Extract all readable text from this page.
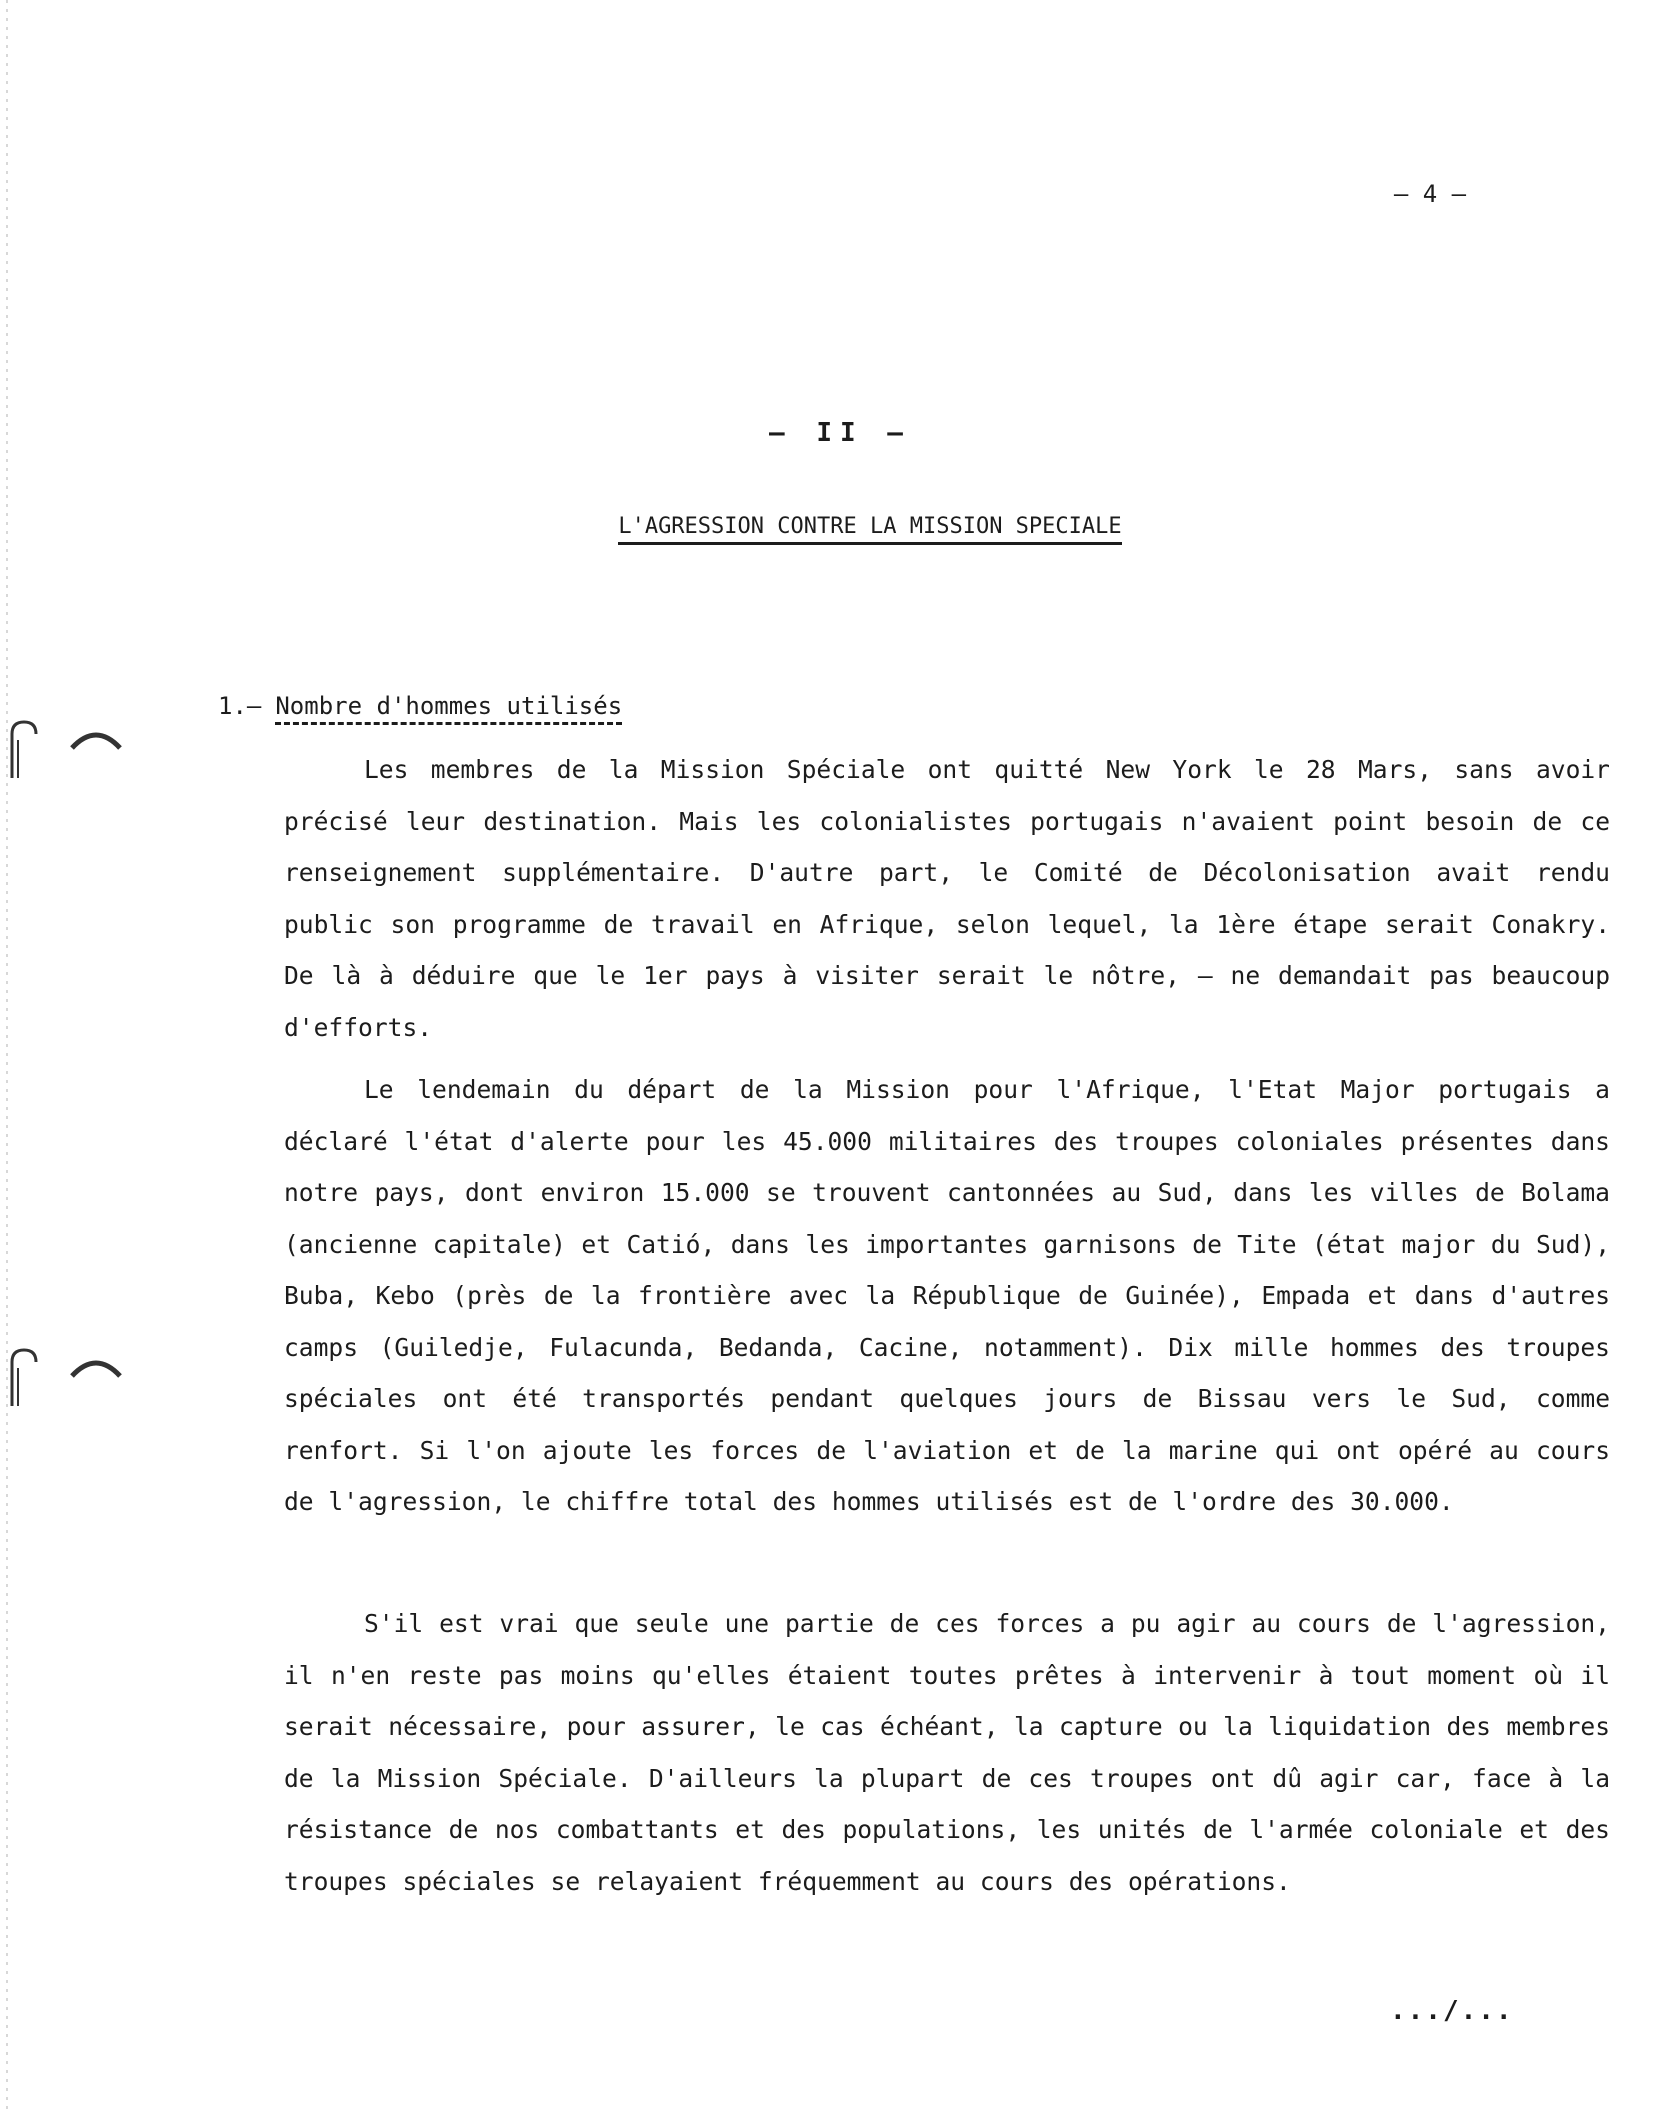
– 4 –
– II –
L'AGRESSION CONTRE LA MISSION SPECIALE
1.– Nombre d'hommes utilisés

Les membres de la Mission Spéciale ont quitté New York le 28 Mars, sans avoir précisé leur destination. Mais les colonialistes portugais n'avaient point besoin de ce renseignement supplémentaire. D'autre part, le Comité de Décolonisation avait rendu public son programme de travail en Afrique, selon lequel, la 1ère étape serait Conakry. De là à déduire que le 1er pays à visiter serait le nôtre, – ne demandait pas beaucoup d'efforts.

Le lendemain du départ de la Mission pour l'Afrique, l'Etat Major portugais a déclaré l'état d'alerte pour les 45.000 militaires des troupes coloniales présentes dans notre pays, dont environ 15.000 se trouvent cantonnées au Sud, dans les villes de Bolama (ancienne capitale) et Catió, dans les importantes garnisons de Tite (état major du Sud), Buba, Kebo (près de la frontière avec la République de Guinée), Empada et dans d'autres camps (Guiledje, Fulacunda, Bedanda, Cacine, notamment). Dix mille hommes des troupes spéciales ont été transportés pendant quelques jours de Bissau vers le Sud, comme renfort. Si l'on ajoute les forces de l'aviation et de la marine qui ont opéré au cours de l'agression, le chiffre total des hommes utilisés est de l'ordre des 30.000.

S'il est vrai que seule une partie de ces forces a pu agir au cours de l'agression, il n'en reste pas moins qu'elles étaient toutes prêtes à intervenir à tout moment où il serait nécessaire, pour assurer, le cas échéant, la capture ou la liquidation des membres de la Mission Spéciale. D'ailleurs la plupart de ces troupes ont dû agir car, face à la résistance de nos combattants et des populations, les unités de l'armée coloniale et des troupes spéciales se relayaient fréquemment au cours des opérations.

.../...
